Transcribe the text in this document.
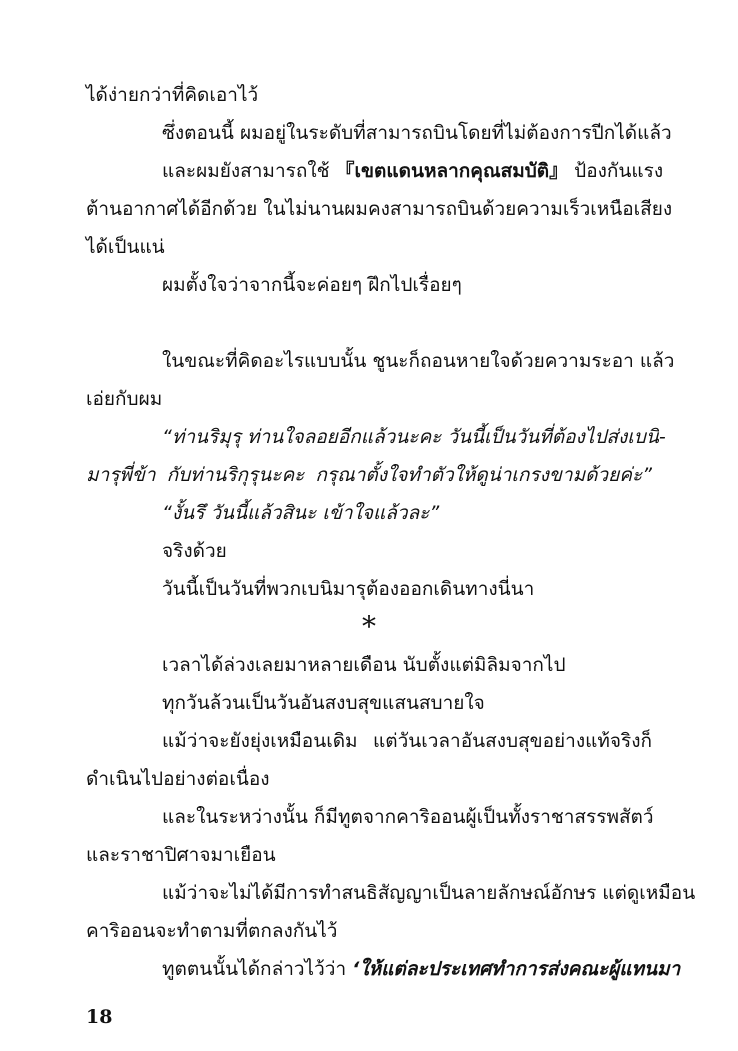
ได้ง่ายกว่าที่คิดเอาไว้
ซึ่งตอนนี้ ผมอยู่ในระดับที่สามารถบินโดยที่ไม่ต้องการปีกได้แล้ว
และผมยังสามารถใช้ 『เขตแดนหลากคุณสมบัติ』 ป้องกันแรง
ต้านอากาศได้อีกด้วย ในไม่นานผมคงสามารถบินด้วยความเร็วเหนือเสียง
ได้เป็นแน่
ผมตั้งใจว่าจากนี้จะค่อยๆ ฝึกไปเรื่อยๆ
ในขณะที่คิดอะไรแบบนั้น ชูนะก็ถอนหายใจด้วยความระอา แล้ว
เอ่ยกับผม
“ท่านริมุรุ ท่านใจลอยอีกแล้วนะคะ วันนี้เป็นวันที่ต้องไปส่งเบนิ-
มารุพี่ข้า กับท่านริกุรุนะคะ กรุณาตั้งใจทำตัวให้ดูน่าเกรงขามด้วยค่ะ”
“งั้นรึ วันนี้แล้วสินะ เข้าใจแล้วละ”
จริงด้วย
*
เวลาได้ล่วงเลยมาหลายเดือน นับตั้งแต่มิลิมจากไป
ทุกวันล้วนเป็นวันอันสงบสุขแสนสบายใจ
แม้ว่าจะยังยุ่งเหมือนเดิม แต่วันเวลาอันสงบสุขอย่างแท้จริงก็
ดำเนินไปอย่างต่อเนื่อง
และในระหว่างนั้น ก็มีทูตจากคาริออนผู้เป็นทั้งราชาสรรพสัตว์
และราชาปิศาจมาเยือน
แม้ว่าจะไม่ได้มีการทำสนธิสัญญาเป็นลายลักษณ์อักษร แต่ดูเหมือน
คาริออนจะทำตามที่ตกลงกันไว้
ทูตตนนั้นได้กล่าวไว้ว่า ‘ให้แต่ละประเทศทำการส่งคณะผู้แทนมา
18
วันนี้เป็นวันที่พวกเบนิมารุต้องออกเดินทางนี่นา
